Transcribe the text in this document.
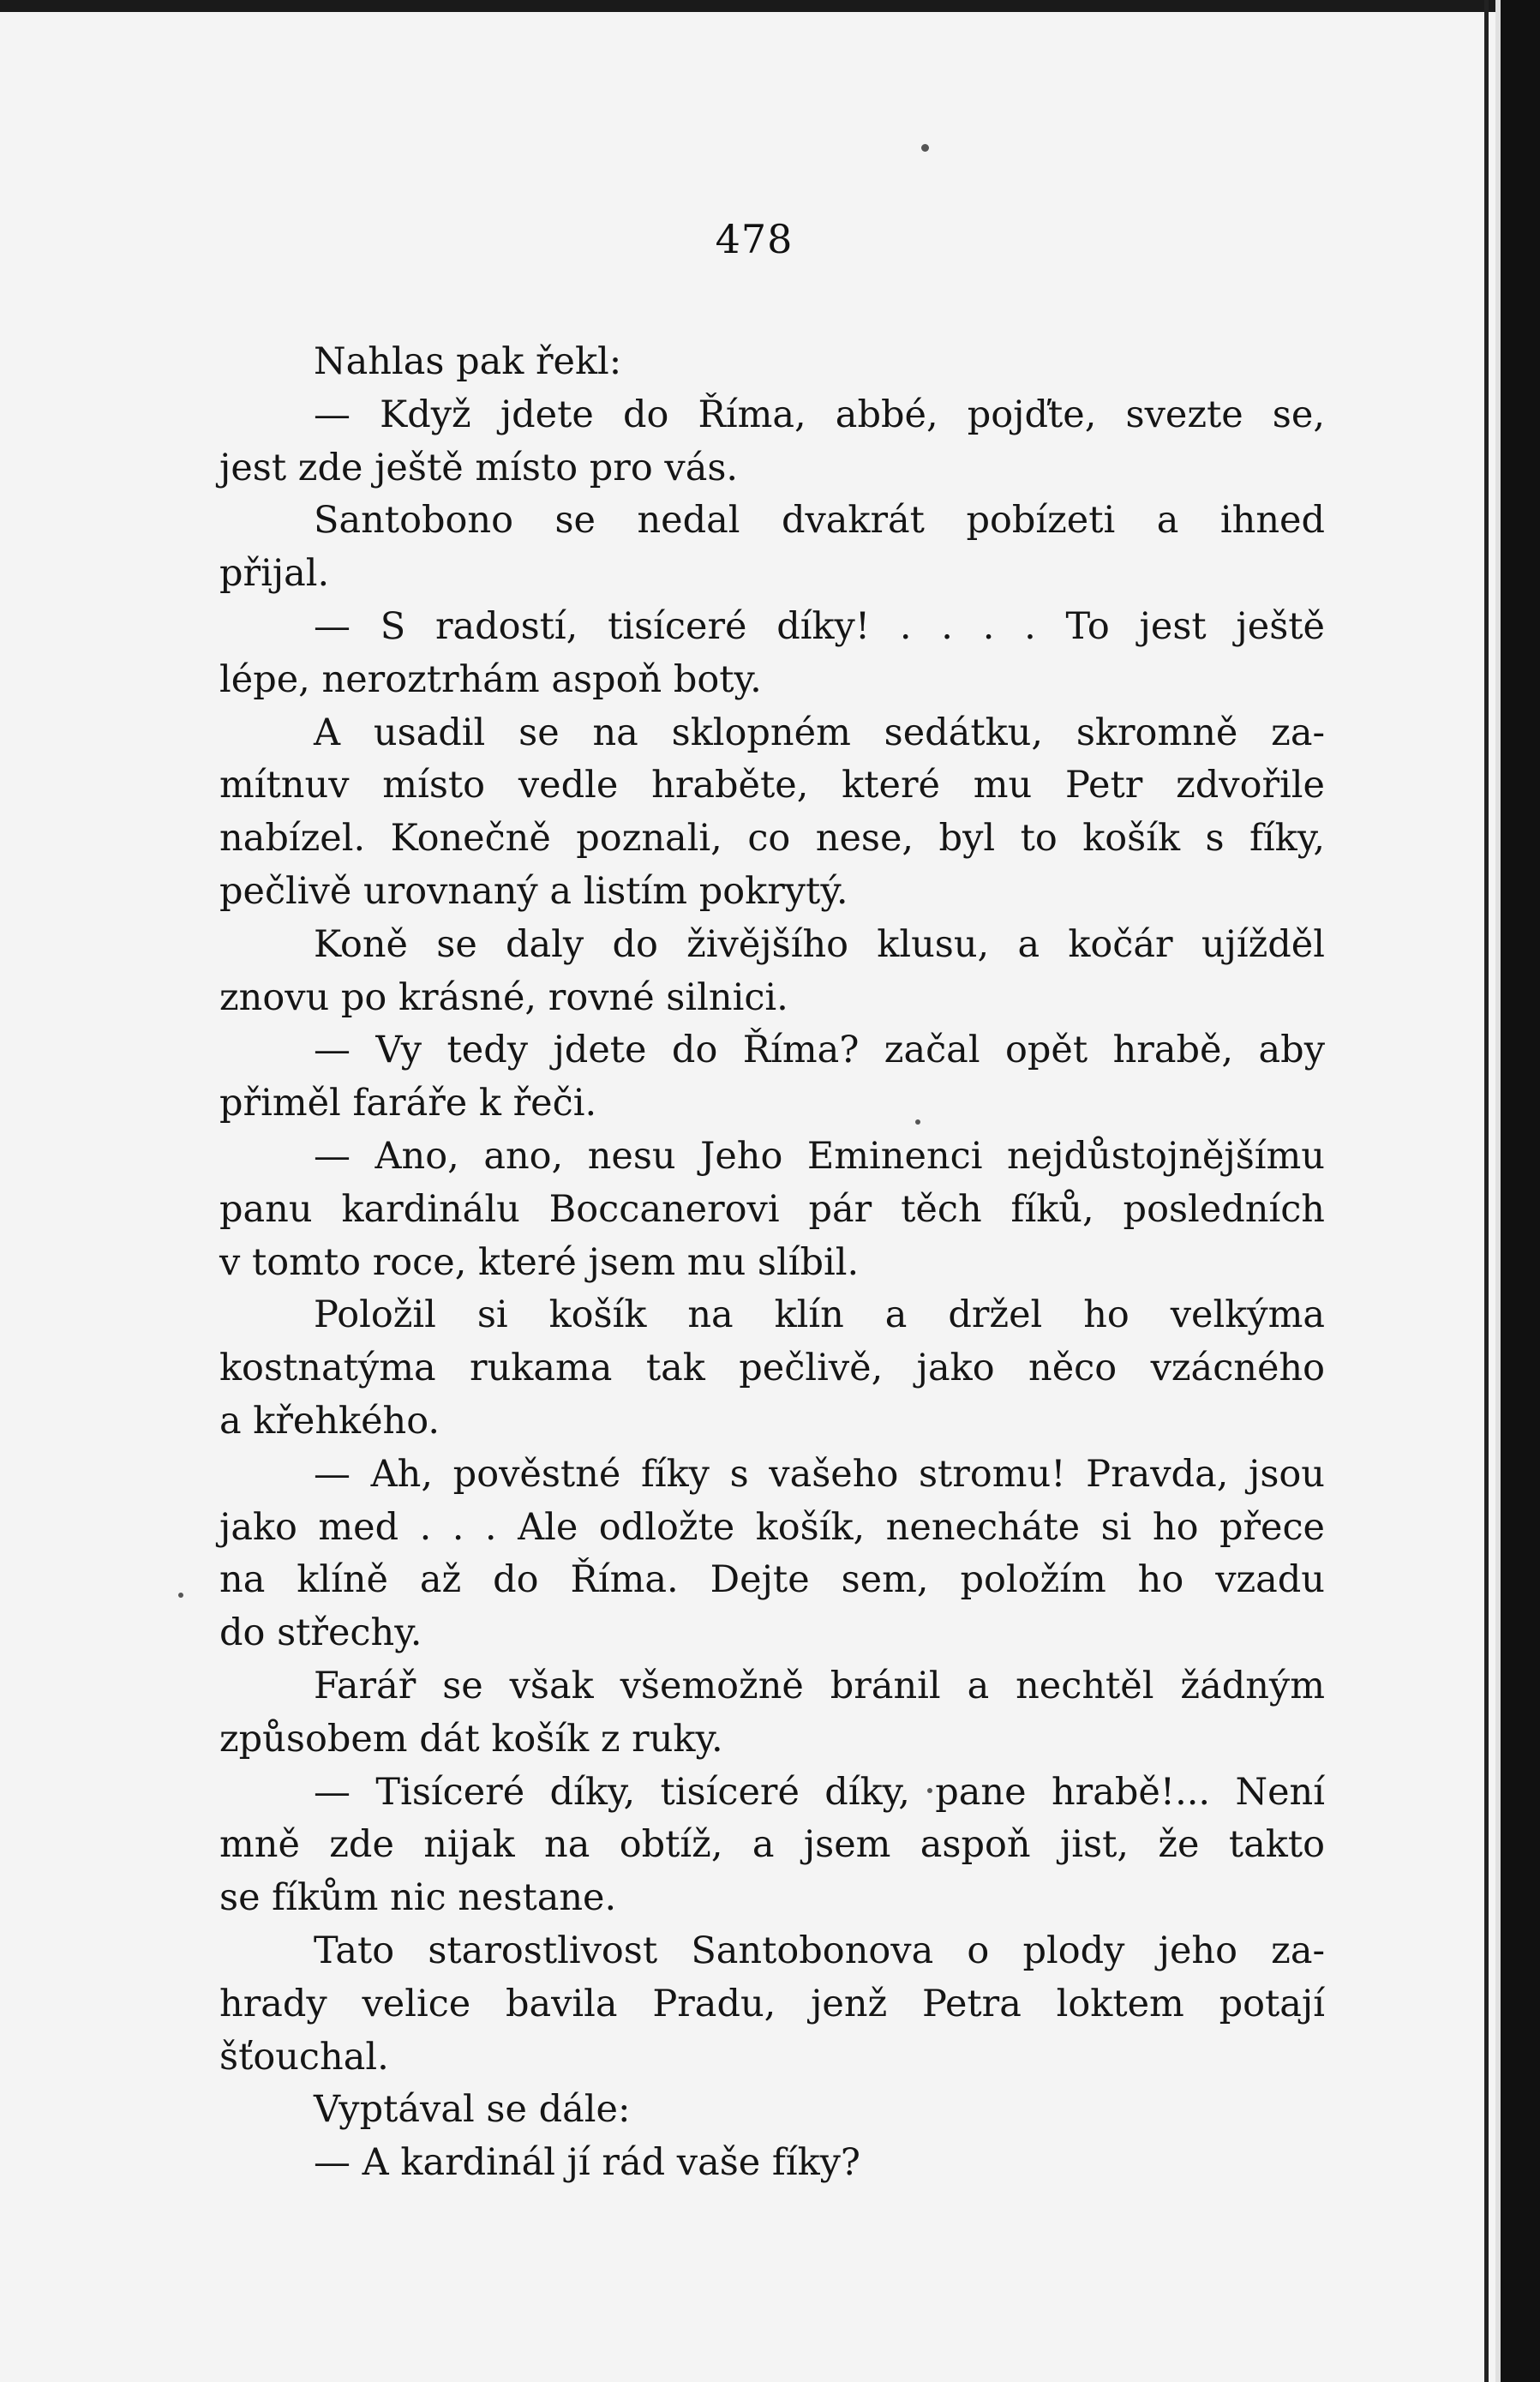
478
Nahlas pak řekl:
— Když jdete do Říma, abbé, pojďte, svezte se,
jest zde ještě místo pro vás.
Santobono se nedal dvakrát pobízeti a ihned
přijal.
— S radostí, tisíceré díky! . . . . To jest ještě
lépe, neroztrhám aspoň boty.
A usadil se na sklopném sedátku, skromně za-
mítnuv místo vedle hraběte, které mu Petr zdvořile
nabízel. Konečně poznali, co nese, byl to košík s fíky,
pečlivě urovnaný a listím pokrytý.
Koně se daly do živějšího klusu, a kočár ujížděl
znovu po krásné, rovné silnici.
— Vy tedy jdete do Říma? začal opět hrabě, aby
přiměl faráře k řeči.
— Ano, ano, nesu Jeho Eminenci nejdůstojnějšímu
panu kardinálu Boccanerovi pár těch fíků, posledních
v tomto roce, které jsem mu slíbil.
Položil si košík na klín a držel ho velkýma
kostnatýma rukama tak pečlivě, jako něco vzácného
a křehkého.
— Ah, pověstné fíky s vašeho stromu! Pravda, jsou
jako med . . . Ale odložte košík, nenecháte si ho přece
na klíně až do Říma. Dejte sem, položím ho vzadu
do střechy.
Farář se však všemožně bránil a nechtěl žádným
způsobem dát košík z ruky.
— Tisíceré díky, tisíceré díky, pane hrabě!... Není
mně zde nijak na obtíž, a jsem aspoň jist, že takto
se fíkům nic nestane.
Tato starostlivost Santobonova o plody jeho za-
hrady velice bavila Pradu, jenž Petra loktem potají
šťouchal.
Vyptával se dále:
— A kardinál jí rád vaše fíky?
